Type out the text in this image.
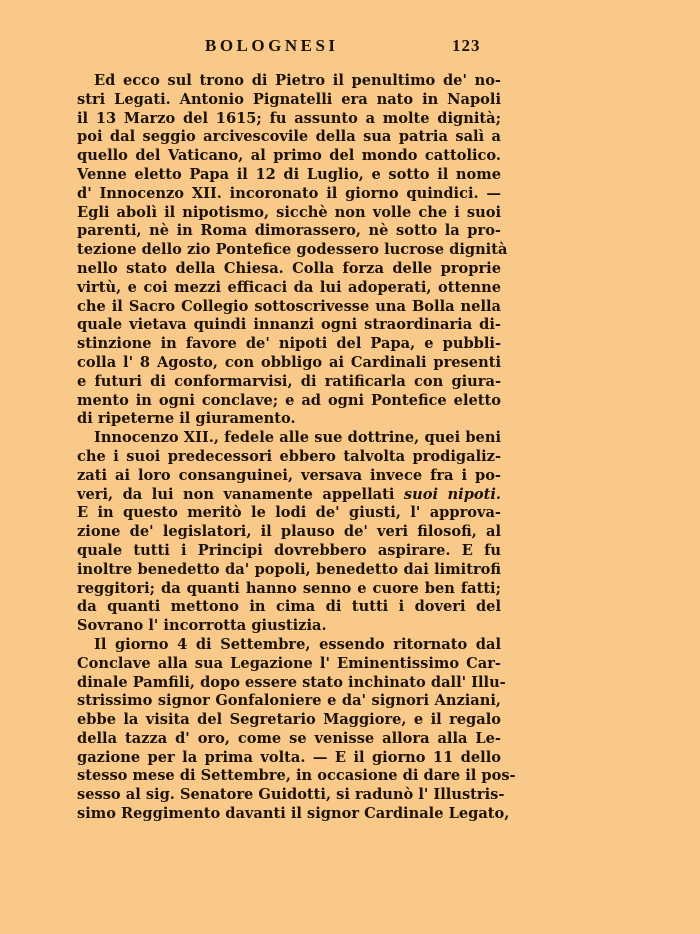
BOLOGNESI	123
Ed ecco sul trono di Pietro il penultimo de' no-
stri Legati. Antonio Pignatelli era nato in Napoli
il 13 Marzo del 1615; fu assunto a molte dignità;
poi dal seggio arcivescovile della sua patria salì a
quello del Vaticano, al primo del mondo cattolico.
Venne eletto Papa il 12 di Luglio, e sotto il nome
d' Innocenzo XII. incoronato il giorno quindici. —
Egli abolì il nipotismo, sicchè non volle che i suoi
parenti, nè in Roma dimorassero, nè sotto la pro-
tezione dello zio Pontefice godessero lucrose dignità
nello stato della Chiesa. Colla forza delle proprie
virtù, e coi mezzi efficaci da lui adoperati, ottenne
che il Sacro Collegio sottoscrivesse una Bolla nella
quale vietava quindi innanzi ogni straordinaria di-
stinzione in favore de' nipoti del Papa, e pubbli-
colla l' 8 Agosto, con obbligo ai Cardinali presenti
e futuri di conformarvisi, di ratificarla con giura-
mento in ogni conclave; e ad ogni Pontefice eletto
di ripeterne il giuramento.
Innocenzo XII., fedele alle sue dottrine, quei beni
che i suoi predecessori ebbero talvolta prodigaliz-
zati ai loro consanguinei, versava invece fra i po-
veri, da lui non vanamente appellati suoi nipoti.
E in questo meritò le lodi de' giusti, l' approva-
zione de' legislatori, il plauso de' veri filosofi, al
quale tutti i Principi dovrebbero aspirare. E fu
inoltre benedetto da' popoli, benedetto dai limitrofi
reggitori; da quanti hanno senno e cuore ben fatti;
da quanti mettono in cima di tutti i doveri del
Sovrano l' incorrotta giustizia.
Il giorno 4 di Settembre, essendo ritornato dal
Conclave alla sua Legazione l' Eminentissimo Car-
dinale Pamfili, dopo essere stato inchinato dall' Illu-
strissimo signor Gonfaloniere e da' signori Anziani,
ebbe la visita del Segretario Maggiore, e il regalo
della tazza d' oro, come se venisse allora alla Le-
gazione per la prima volta. — E il giorno 11 dello
stesso mese di Settembre, in occasione di dare il pos-
sesso al sig. Senatore Guidotti, si radunò l' Illustris-
simo Reggimento davanti il signor Cardinale Legato,
